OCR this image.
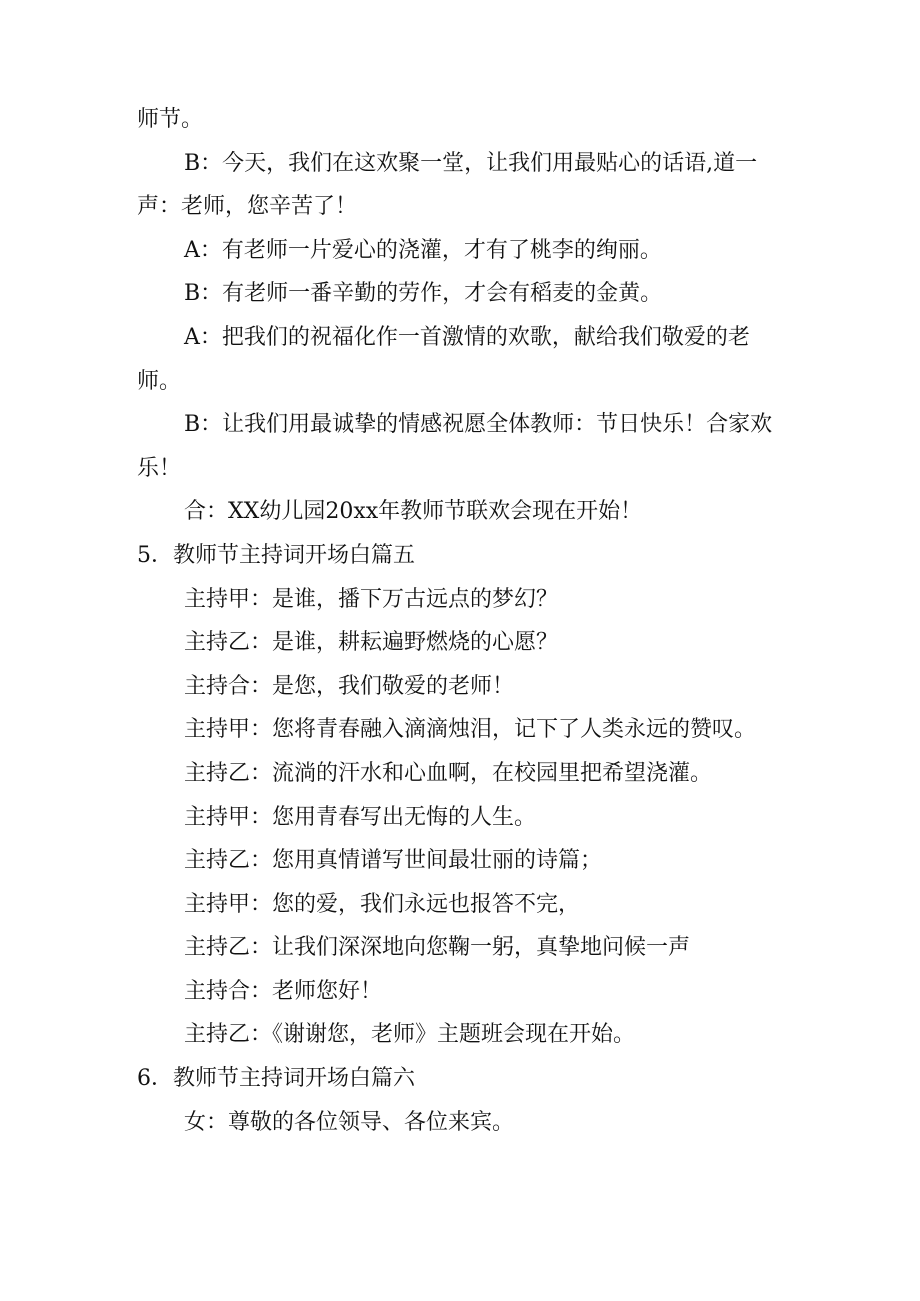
师节。

B：今天，我们在这欢聚一堂，让我们用最贴心的话语,道一声：老师，您辛苦了！

A：有老师一片爱心的浇灌，才有了桃李的绚丽。

B：有老师一番辛勤的劳作，才会有稻麦的金黄。

A：把我们的祝福化作一首激情的欢歌，献给我们敬爱的老师。

B：让我们用最诚挚的情感祝愿全体教师：节日快乐！合家欢乐！

合：XX幼儿园20xx年教师节联欢会现在开始！

5．教师节主持词开场白篇五

主持甲：是谁，播下万古远点的梦幻？

主持乙：是谁，耕耘遍野燃烧的心愿？

主持合：是您，我们敬爱的老师！

主持甲：您将青春融入滴滴烛泪，记下了人类永远的赞叹。

主持乙：流淌的汗水和心血啊，在校园里把希望浇灌。

主持甲：您用青春写出无悔的人生。

主持乙：您用真情谱写世间最壮丽的诗篇；

主持甲：您的爱，我们永远也报答不完，

主持乙：让我们深深地向您鞠一躬，真挚地问候一声

主持合：老师您好！

主持乙：《谢谢您，老师》主题班会现在开始。

6．教师节主持词开场白篇六

女：尊敬的各位领导、各位来宾。
